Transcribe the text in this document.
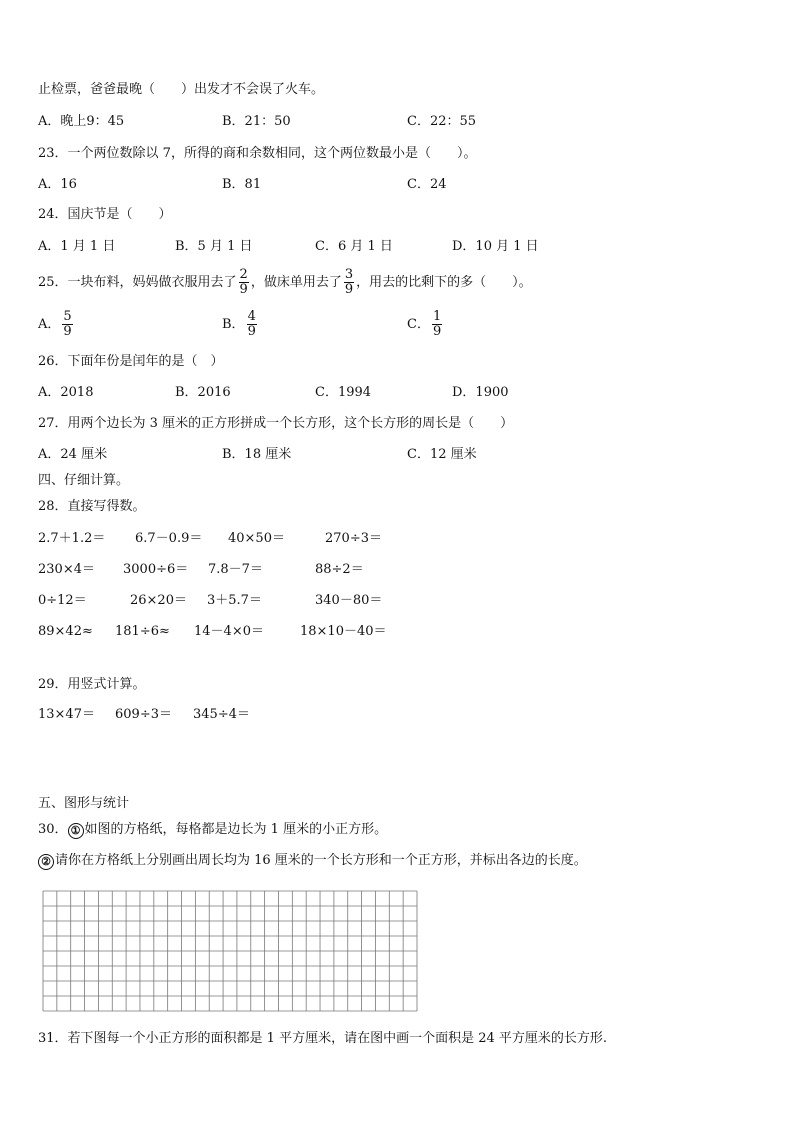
止检票，爸爸最晚（　　）出发才不会误了火车。
A．晚上9：45	B．21：50	C．22：55
23．一个两位数除以 7，所得的商和余数相同，这个两位数最小是（　　）。
A．16	B．81	C．24
24．国庆节是（　　）
A．1 月 1 日	B．5 月 1 日	C．6 月 1 日	D．10 月 1 日
25．一块布料，妈妈做衣服用去了 $\frac{2}{9}$ ，做床单用去了 $\frac{3}{9}$ ，用去的比剩下的多（　　）。
A． $\frac{5}{9}$	B． $\frac{4}{9}$	C． $\frac{1}{9}$
26．下面年份是闰年的是（　）
A．2018	B．2016	C．1994	D．1900
27．用两个边长为 3 厘米的正方形拼成一个长方形，这个长方形的周长是（　　）
A．24 厘米	B．18 厘米	C．12 厘米
四、仔细计算。
28．直接写得数。
2.7＋1.2＝ 6.7－0.9＝ 40×50＝	270÷3＝
230×4＝ 3000÷6＝ 7.8－7＝	88÷2＝
0÷12＝	26×20＝ 3＋5.7＝	340－80＝
89×42≈ 181÷6≈ 14－4×0＝	18×10－40＝
29．用竖式计算。
13×47＝ 609÷3＝ 345÷4＝
五、图形与统计
30． ① 如图的方格纸，每格都是边长为 1 厘米的小正方形。
② 请你在方格纸上分别画出周长均为 16 厘米的一个长方形和一个正方形，并标出各边的长度。
31．若下图每一个小正方形的面积都是 1 平方厘米，请在图中画一个面积是 24 平方厘米的长方形.
